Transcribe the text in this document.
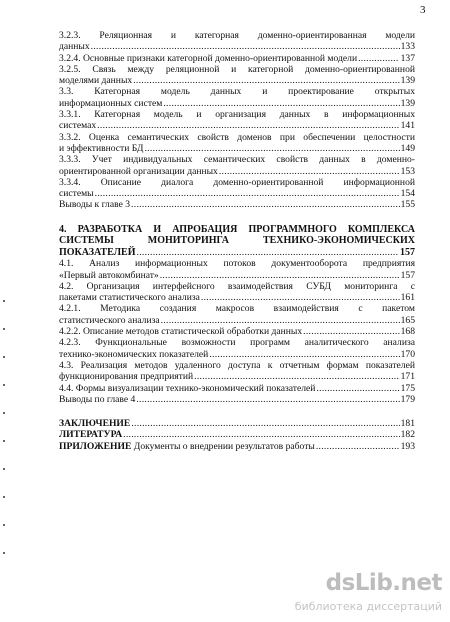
3
3.2.3. Реляционная и категорная доменно-ориентированная модели
данных .....	133
3.2.4. Основные признаки категорной доменно-ориентированной модели .....	. 137
3.2.5. Связь между реляционной и категорной доменно-ориентированной
моделями данных .....	139
3.3. Категорная модель данных и проектирование открытых
информационных систем .....	139
3.3.1. Категорная модель и организация данных в информационных
системах .....	141
3.3.2. Оценка семантических свойств доменов при обеспечении целостности
и эффективности БД .....	149
3.3.3. Учет индивидуальных семантических свойств данных в доменно-
ориентированной организации данных .....	153
3.3.4. Описание диалога доменно-ориентированной информационной
системы .....	154
Выводы к главе 3 .....	155
4. РАЗРАБОТКА И АПРОБАЦИЯ ПРОГРАММНОГО КОМПЛЕКСА
СИСТЕМЫ МОНИТОРИНГА ТЕХНИКО-ЭКОНОМИЧЕСКИХ
ПОКАЗАТЕЛЕЙ .....	157
4.1. Анализ информационных потоков документооборота предприятия
«Первый автокомбинат» .....	157
4.2. Организация интерфейсного взаимодействия СУБД мониторинга с
пакетами статистического анализа .....	161
4.2.1. Методика создания макросов взаимодействия с пакетом
статистического анализа .....	165
4.2.2. Описание методов статистической обработки данных .....	168
4.2.3. Функциональные возможности программ аналитического анализа
технико-экономических показателей .....	170
4.3. Реализация методов удаленного доступа к отчетным формам показателей
функционирования предприятий .....	171
4.4. Формы визуализации технико-экономический показателей .....	175
Выводы по главе 4 .....	179
ЗАКЛЮЧЕНИЕ .....	181
ЛИТЕРАТУРА .....	182
ПРИЛОЖЕНИЕ Документы о внедрении результатов работы .....	193
dsLib.net
библиотека диссертаций
